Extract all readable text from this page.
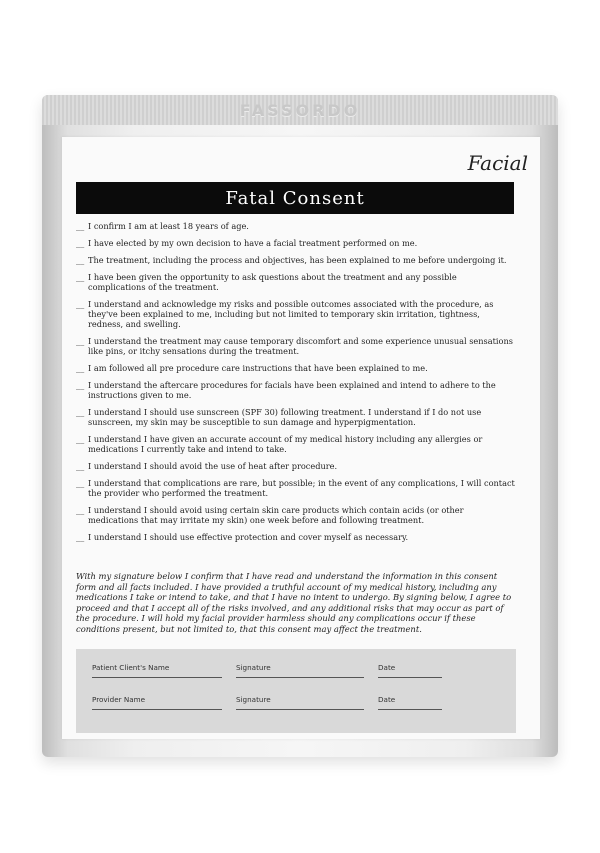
FASSORDO
Facial
Fatal Consent
__ I confirm I am at least 18 years of age.
__ I have elected by my own decision to have a facial treatment performed on me.
__ The treatment, including the process and objectives, has been explained to me before undergoing it.
__ I have been given the opportunity to ask questions about the treatment and any possible complications of the treatment.
__ I understand and acknowledge my risks and possible outcomes associated with the procedure, as they've been explained to me, including but not limited to temporary skin irritation, tightness, redness, and swelling.
__ I understand the treatment may cause temporary discomfort and some experience unusual sensations like pins, or itchy sensations during the treatment.
__ I am followed all pre procedure care instructions that have been explained to me.
__ I understand the aftercare procedures for facials have been explained and intend to adhere to the instructions given to me.
__ I understand I should use sunscreen (SPF 30) following treatment. I understand if I do not use sunscreen, my skin may be susceptible to sun damage and hyperpigmentation.
__ I understand I have given an accurate account of my medical history including any allergies or medications I currently take and intend to take.
__ I understand I should avoid the use of heat after procedure.
__ I understand that complications are rare, but possible; in the event of any complications, I will contact the provider who performed the treatment.
__ I understand I should avoid using certain skin care products which contain acids (or other medications that may irritate my skin) one week before and following treatment.
__ I understand I should use effective protection and cover myself as necessary.
With my signature below I confirm that I have read and understand the information in this consent form and all facts included. I have provided a truthful account of my medical history, including any medications I take or intend to take, and that I have no intent to undergo. By signing below, I agree to proceed and that I accept all of the risks involved, and any additional risks that may occur as part of the procedure. I will hold my facial provider harmless should any complications occur if these conditions present, but not limited to, that this consent may affect the treatment.
Patient Client's Name	Signature	Date
Provider Name	Signature	Date
